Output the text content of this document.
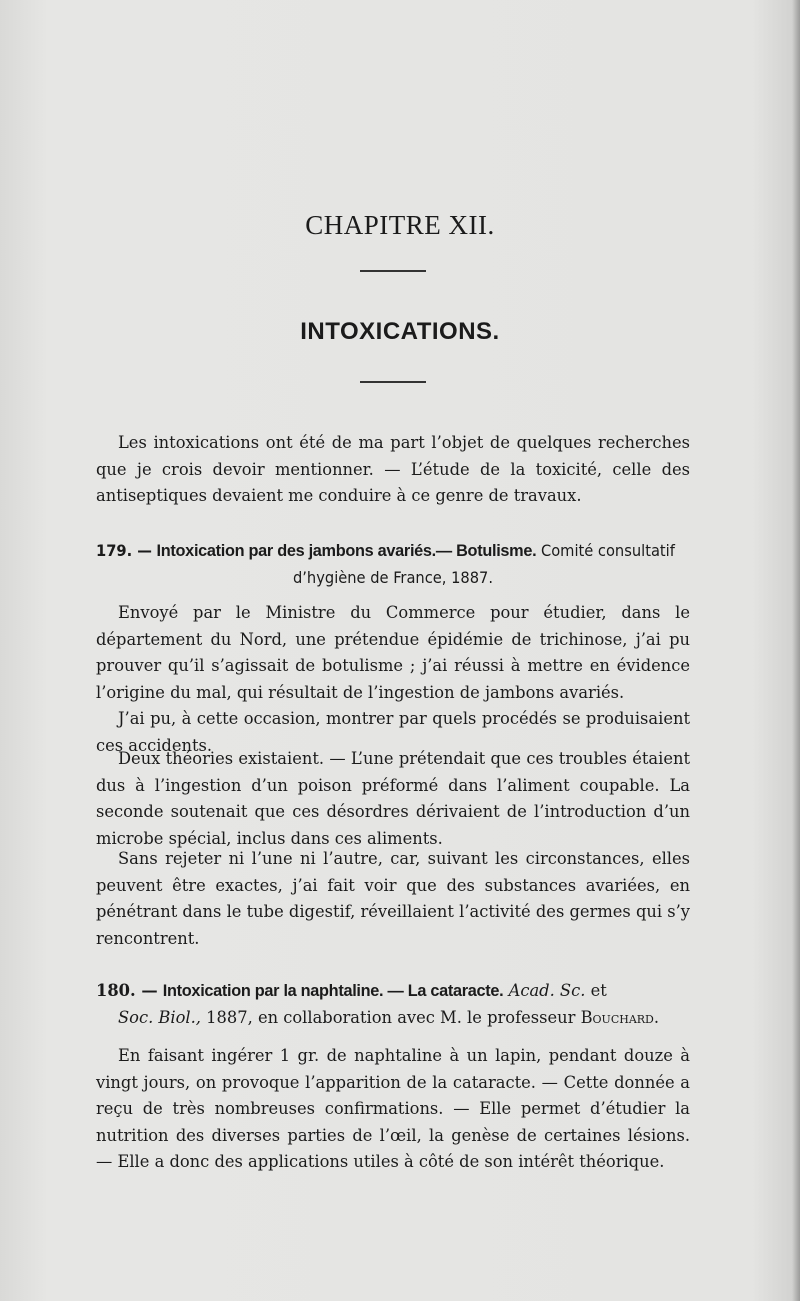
CHAPITRE XII.
INTOXICATIONS.

Les intoxications ont été de ma part l’objet de quelques recherches que je crois devoir mentionner. — L’étude de la toxicité, celle des antiseptiques devaient me conduire à ce genre de travaux.

179. — Intoxication par des jambons avariés.— Botulisme. Comité consultatif
d’hygiène de France, 1887.

Envoyé par le Ministre du Commerce pour étudier, dans le département du Nord, une prétendue épidémie de trichinose, j’ai pu prouver qu’il s’agissait de botulisme ; j’ai réussi à mettre en évidence l’origine du mal, qui résultait de l’ingestion de jambons avariés.

J’ai pu, à cette occasion, montrer par quels procédés se produisaient ces accidents.

Deux théories existaient. — L’une prétendait que ces troubles étaient dus à l’ingestion d’un poison préformé dans l’aliment coupable. La seconde soutenait que ces désordres dérivaient de l’introduction d’un microbe spécial, inclus dans ces aliments.

Sans rejeter ni l’une ni l’autre, car, suivant les circonstances, elles peuvent être exactes, j’ai fait voir que des substances avariées, en pénétrant dans le tube digestif, réveillaient l’activité des germes qui s’y rencontrent.

180. — Intoxication par la naphtaline. — La cataracte. Acad. Sc. et
Soc. Biol., 1887, en collaboration avec M. le professeur Bouchard.

En faisant ingérer 1 gr. de naphtaline à un lapin, pendant douze à vingt jours, on provoque l’apparition de la cataracte. — Cette donnée a reçu de très nombreuses confirmations. — Elle permet d’étudier la nutrition des diverses parties de l’œil, la genèse de certaines lésions. — Elle a donc des applications utiles à côté de son intérêt théorique.
